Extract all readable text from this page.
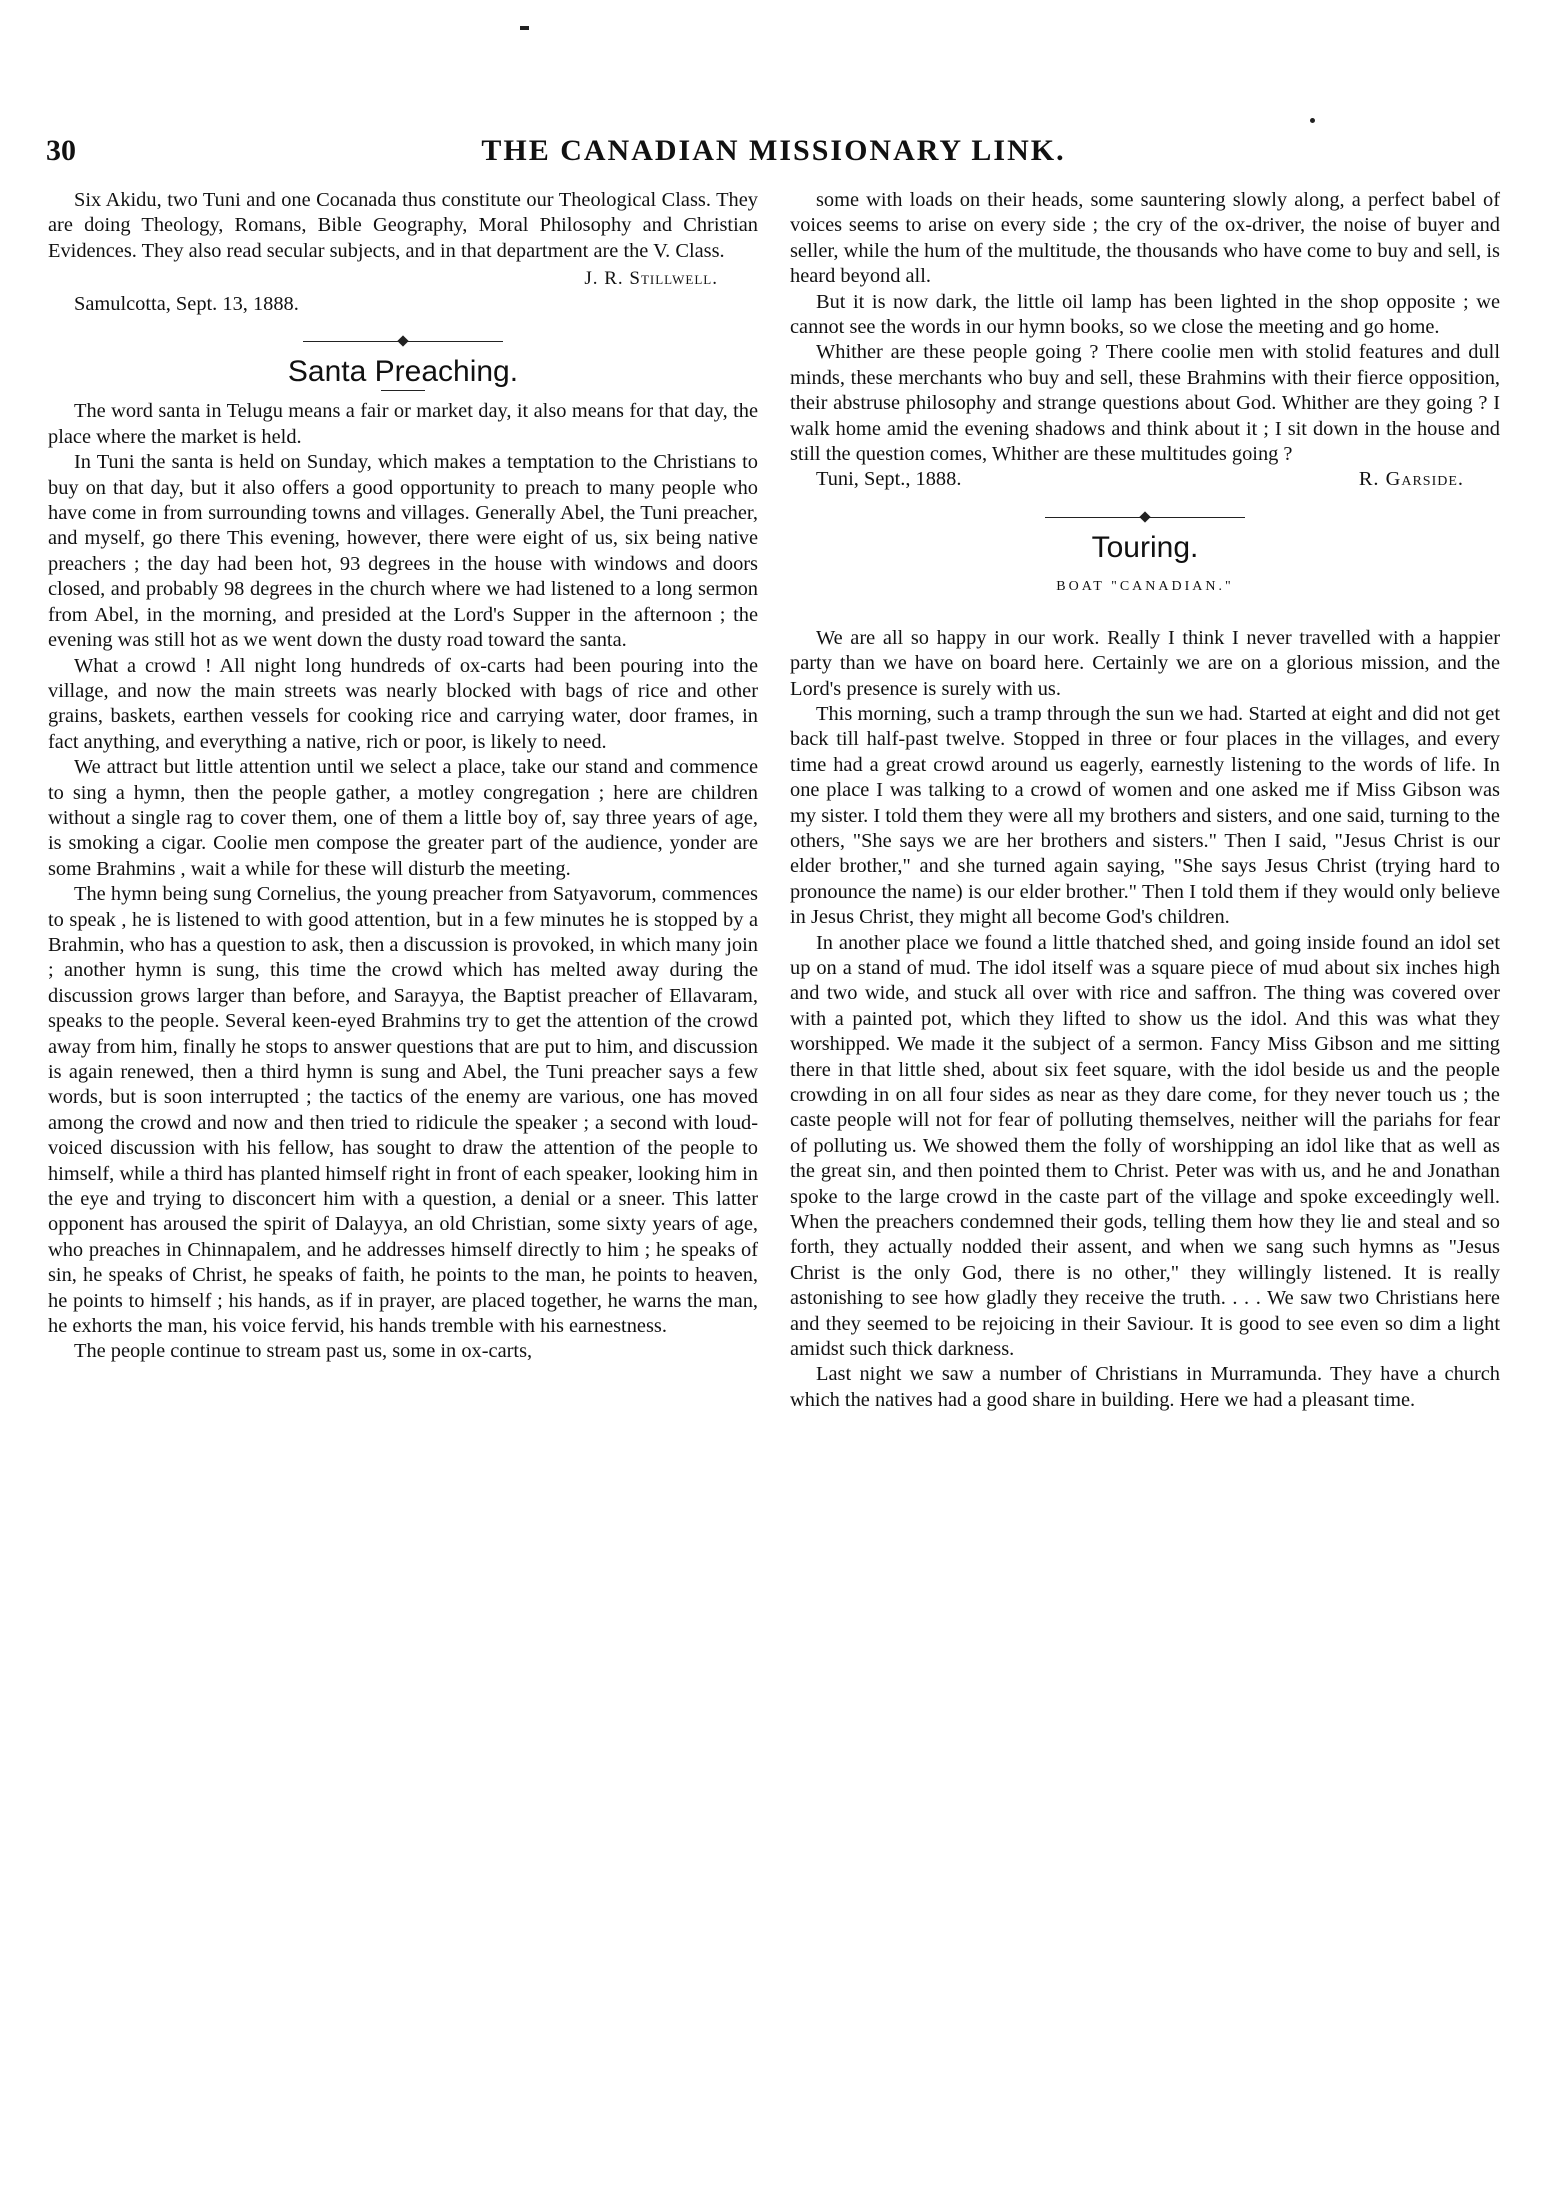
30	THE CANADIAN MISSIONARY LINK.

Six Akidu, two Tuni and one Cocanada thus constitute our Theological Class. They are doing Theology, Romans, Bible Geography, Moral Philosophy and Christian Evidences. They also read secular subjects, and in that department are the V. Class.

J. R. Stillwell.

Samulcotta, Sept. 13, 1888.

Santa Preaching.

The word santa in Telugu means a fair or market day, it also means for that day, the place where the market is held.

In Tuni the santa is held on Sunday, which makes a temptation to the Christians to buy on that day, but it also offers a good opportunity to preach to many people who have come in from surrounding towns and villages. Generally Abel, the Tuni preacher, and myself, go there This evening, however, there were eight of us, six being native preachers ; the day had been hot, 93 degrees in the house with windows and doors closed, and probably 98 degrees in the church where we had listened to a long sermon from Abel, in the morning, and presided at the Lord's Supper in the afternoon ; the evening was still hot as we went down the dusty road toward the santa.

What a crowd ! All night long hundreds of ox-carts had been pouring into the village, and now the main streets was nearly blocked with bags of rice and other grains, baskets, earthen vessels for cooking rice and carrying water, door frames, in fact anything, and everything a native, rich or poor, is likely to need.

We attract but little attention until we select a place, take our stand and commence to sing a hymn, then the people gather, a motley congregation ; here are children without a single rag to cover them, one of them a little boy of, say three years of age, is smoking a cigar. Coolie men compose the greater part of the audience, yonder are some Brahmins , wait a while for these will disturb the meeting.

The hymn being sung Cornelius, the young preacher from Satyavorum, commences to speak , he is listened to with good attention, but in a few minutes he is stopped by a Brahmin, who has a question to ask, then a discussion is provoked, in which many join ; another hymn is sung, this time the crowd which has melted away during the discussion grows larger than before, and Sarayya, the Baptist preacher of Ellavaram, speaks to the people. Several keen-eyed Brahmins try to get the attention of the crowd away from him, finally he stops to answer questions that are put to him, and discussion is again renewed, then a third hymn is sung and Abel, the Tuni preacher says a few words, but is soon interrupted ; the tactics of the enemy are various, one has moved among the crowd and now and then tried to ridicule the speaker ; a second with loud-voiced discussion with his fellow, has sought to draw the attention of the people to himself, while a third has planted himself right in front of each speaker, looking him in the eye and trying to disconcert him with a question, a denial or a sneer. This latter opponent has aroused the spirit of Dalayya, an old Christian, some sixty years of age, who preaches in Chinnapalem, and he addresses himself directly to him ; he speaks of sin, he speaks of Christ, he speaks of faith, he points to the man, he points to heaven, he points to himself ; his hands, as if in prayer, are placed together, he warns the man, he exhorts the man, his voice fervid, his hands tremble with his earnestness.

The people continue to stream past us, some in ox-carts,

some with loads on their heads, some sauntering slowly along, a perfect babel of voices seems to arise on every side ; the cry of the ox-driver, the noise of buyer and seller, while the hum of the multitude, the thousands who have come to buy and sell, is heard beyond all.

But it is now dark, the little oil lamp has been lighted in the shop opposite ; we cannot see the words in our hymn books, so we close the meeting and go home.

Whither are these people going ? There coolie men with stolid features and dull minds, these merchants who buy and sell, these Brahmins with their fierce opposition, their abstruse philosophy and strange questions about God. Whither are they going ? I walk home amid the evening shadows and think about it ; I sit down in the house and still the question comes, Whither are these multitudes going ?

Tuni, Sept., 1888.	R. Garside.
Touring.
BOAT "CANADIAN."

We are all so happy in our work. Really I think I never travelled with a happier party than we have on board here. Certainly we are on a glorious mission, and the Lord's presence is surely with us.

This morning, such a tramp through the sun we had. Started at eight and did not get back till half-past twelve. Stopped in three or four places in the villages, and every time had a great crowd around us eagerly, earnestly listening to the words of life. In one place I was talking to a crowd of women and one asked me if Miss Gibson was my sister. I told them they were all my brothers and sisters, and one said, turning to the others, "She says we are her brothers and sisters." Then I said, "Jesus Christ is our elder brother," and she turned again saying, "She says Jesus Christ (trying hard to pronounce the name) is our elder brother." Then I told them if they would only believe in Jesus Christ, they might all become God's children.

In another place we found a little thatched shed, and going inside found an idol set up on a stand of mud. The idol itself was a square piece of mud about six inches high and two wide, and stuck all over with rice and saffron. The thing was covered over with a painted pot, which they lifted to show us the idol. And this was what they worshipped. We made it the subject of a sermon. Fancy Miss Gibson and me sitting there in that little shed, about six feet square, with the idol beside us and the people crowding in on all four sides as near as they dare come, for they never touch us ; the caste people will not for fear of polluting themselves, neither will the pariahs for fear of polluting us. We showed them the folly of worshipping an idol like that as well as the great sin, and then pointed them to Christ. Peter was with us, and he and Jonathan spoke to the large crowd in the caste part of the village and spoke exceedingly well. When the preachers condemned their gods, telling them how they lie and steal and so forth, they actually nodded their assent, and when we sang such hymns as "Jesus Christ is the only God, there is no other," they willingly listened. It is really astonishing to see how gladly they receive the truth. . . . We saw two Christians here and they seemed to be rejoicing in their Saviour. It is good to see even so dim a light amidst such thick darkness.

Last night we saw a number of Christians in Murramunda. They have a church which the natives had a good share in building. Here we had a pleasant time.
